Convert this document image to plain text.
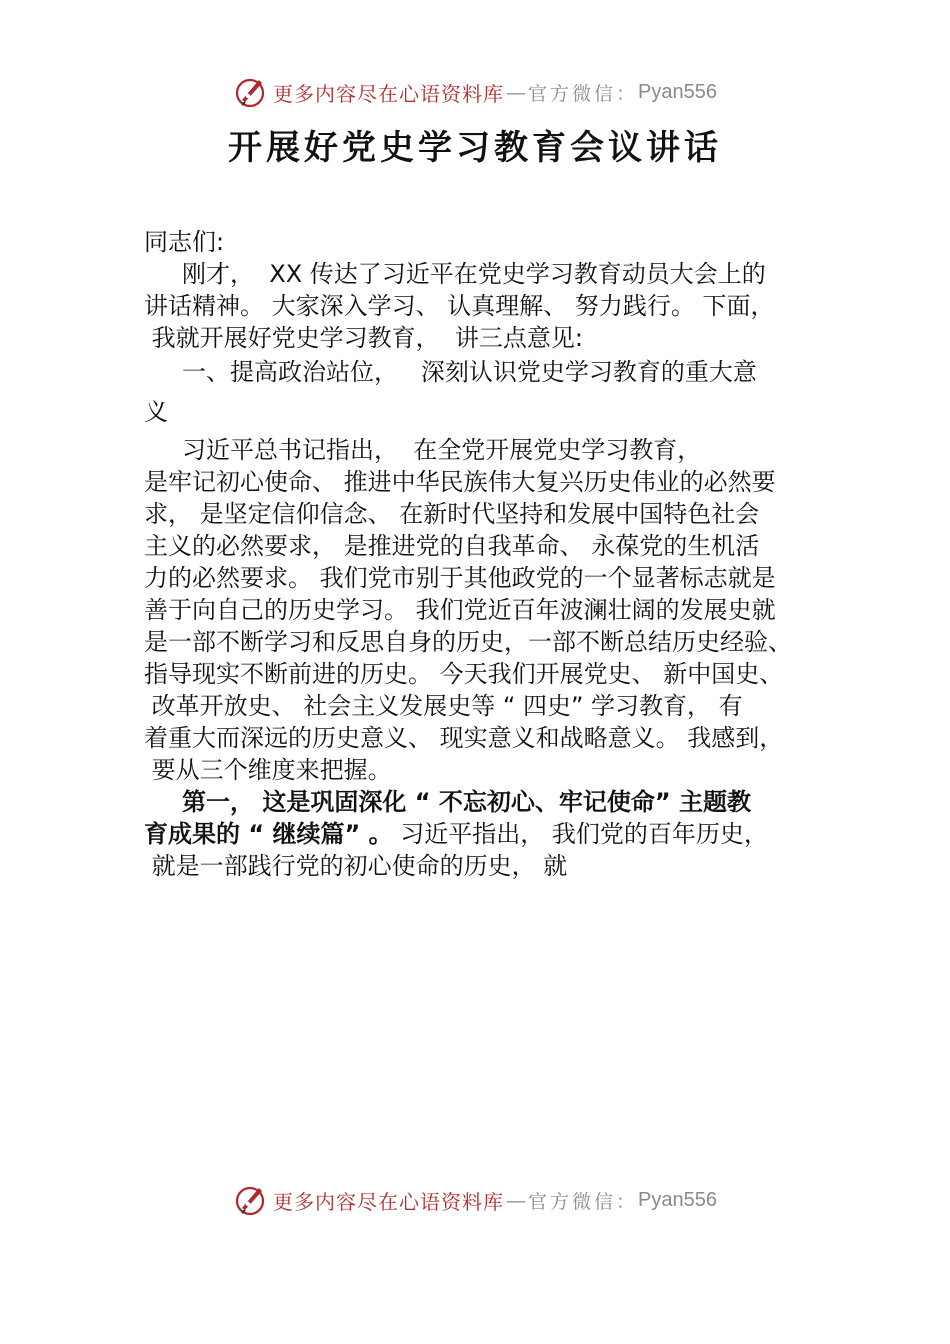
更多内容尽在心语资料库 — 官方微信： Pyan556
开展好党史学习教育会议讲话

同志们:

刚才，  XX 传达了习近平在党史学习教育动员大会上的
讲话精神。 大家深入学习、 认真理解、 努力践行。 下面，
我就开展好党史学习教育，  讲三点意见:

一、提高政治站位，   深刻认识党史学习教育的重大意
义

习近平总书记指出，  在全党开展党史学习教育，
是牢记初心使命、 推进中华民族伟大复兴历史伟业的必然要
求， 是坚定信仰信念、 在新时代坚持和发展中国特色社会
主义的必然要求， 是推进党的自我革命、 永葆党的生机活
力的必然要求。 我们党市别于其他政党的一个显著标志就是
善于向自己的历史学习。 我们党近百年波澜壮阔的发展史就
是一部不断学习和反思自身的历史，一部不断总结历史经验、
指导现实不断前进的历史。 今天我们开展党史、 新中国史、
改革开放史、 社会主义发展史等 “ 四史” 学习教育， 有
着重大而深远的历史意义、 现实意义和战略意义。 我感到，
要从三个维度来把握。

第一， 这是巩固深化 “ 不忘初心、牢记使命” 主题教
育成果的 “ 继续篇” 。 习近平指出， 我们党的百年历史，
就是一部践行党的初心使命的历史， 就

更多内容尽在心语资料库 — 官方微信： Pyan556
